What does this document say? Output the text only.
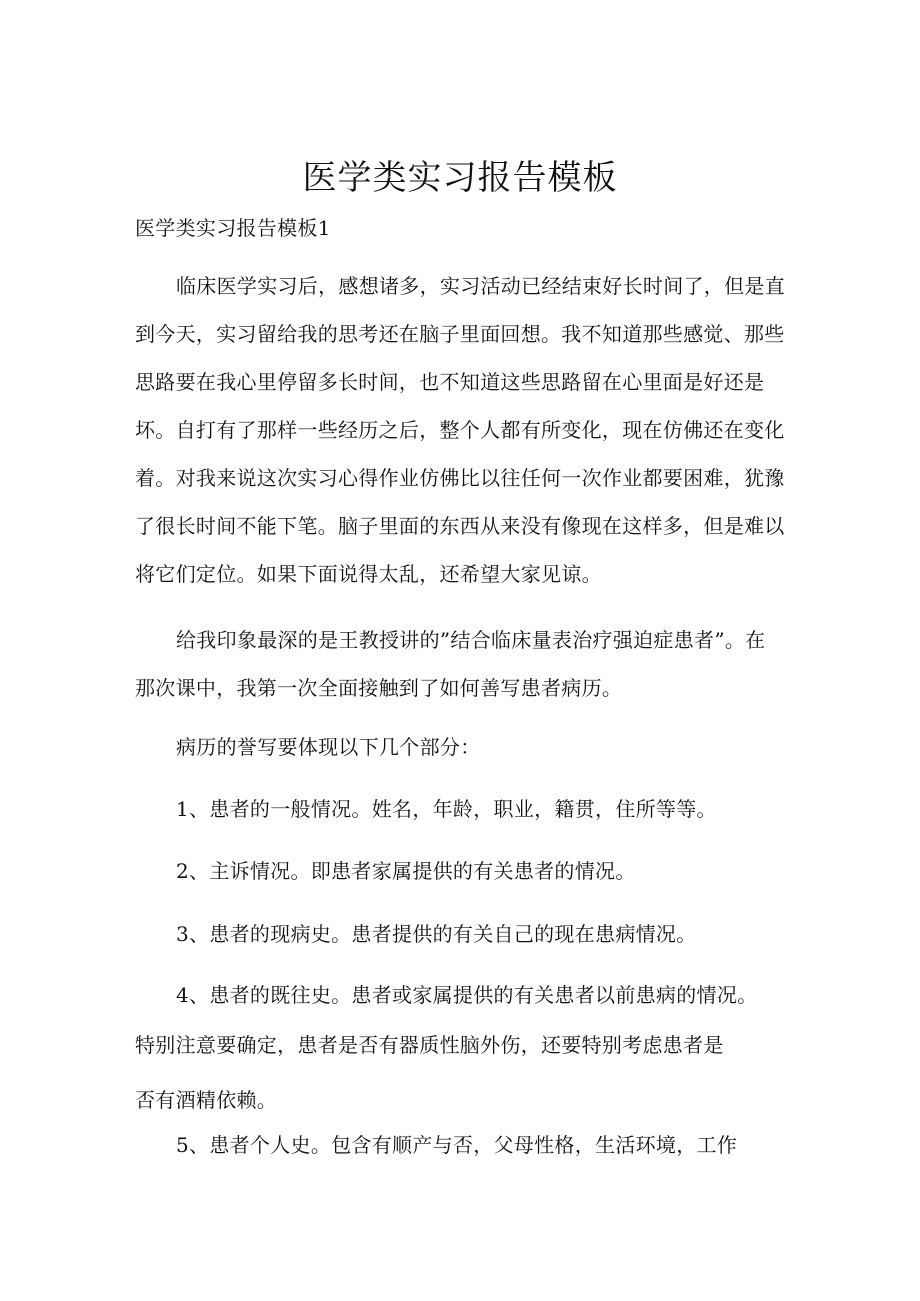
医学类实习报告模板
医学类实习报告模板1
临床医学实习后，感想诸多，实习活动已经结束好长时间了，但是直
到今天，实习留给我的思考还在脑子里面回想。我不知道那些感觉、那些
思路要在我心里停留多长时间，也不知道这些思路留在心里面是好还是
坏。自打有了那样一些经历之后，整个人都有所变化，现在仿佛还在变化
着。对我来说这次实习心得作业仿佛比以往任何一次作业都要困难，犹豫
了很长时间不能下笔。脑子里面的东西从来没有像现在这样多，但是难以
将它们定位。如果下面说得太乱，还希望大家见谅。
给我印象最深的是王教授讲的”结合临床量表治疗强迫症患者”。在
那次课中，我第一次全面接触到了如何善写患者病历。
病历的誉写要体现以下几个部分：
1、患者的一般情况。姓名，年龄，职业，籍贯，住所等等。
2、主诉情况。即患者家属提供的有关患者的情况。
3、患者的现病史。患者提供的有关自己的现在患病情况。
4、患者的既往史。患者或家属提供的有关患者以前患病的情况。
特别注意要确定，患者是否有器质性脑外伤，还要特别考虑患者是
否有酒精依赖。
5、患者个人史。包含有顺产与否，父母性格，生活环境，工作
